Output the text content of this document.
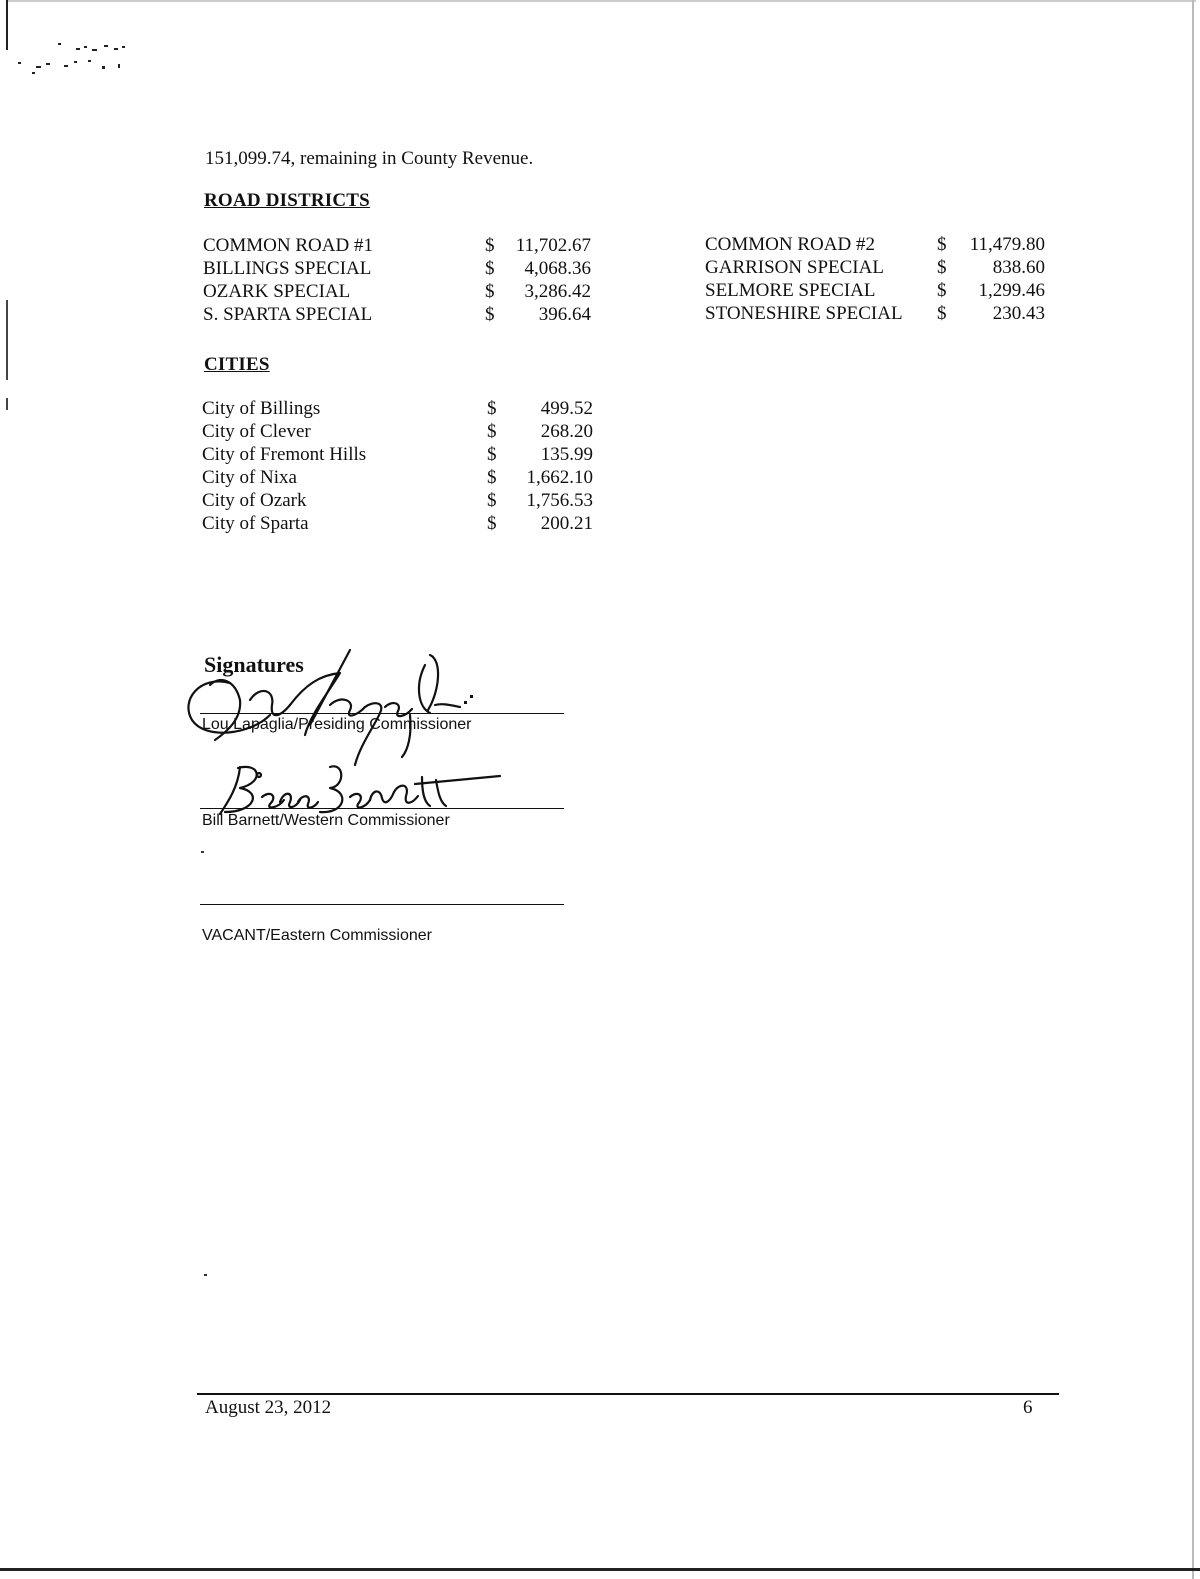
151,099.74, remaining in County Revenue.
ROAD DISTRICTS
COMMON ROAD #1	$	11,702.67
BILLINGS SPECIAL	$	4,068.36
OZARK SPECIAL	$	3,286.42
S. SPARTA SPECIAL	$	396.64
COMMON ROAD #2	$	11,479.80
GARRISON SPECIAL	$	838.60
SELMORE SPECIAL	$	1,299.46
STONESHIRE SPECIAL	$	230.43
CITIES
City of Billings	$	499.52
City of Clever	$	268.20
City of Fremont Hills	$	135.99
City of Nixa	$	1,662.10
City of Ozark	$	1,756.53
City of Sparta	$	200.21
Signatures
Lou Lapaglia/Presiding Commissioner
Bill Barnett/Western Commissioner
VACANT/Eastern Commissioner
August 23, 2012	6
